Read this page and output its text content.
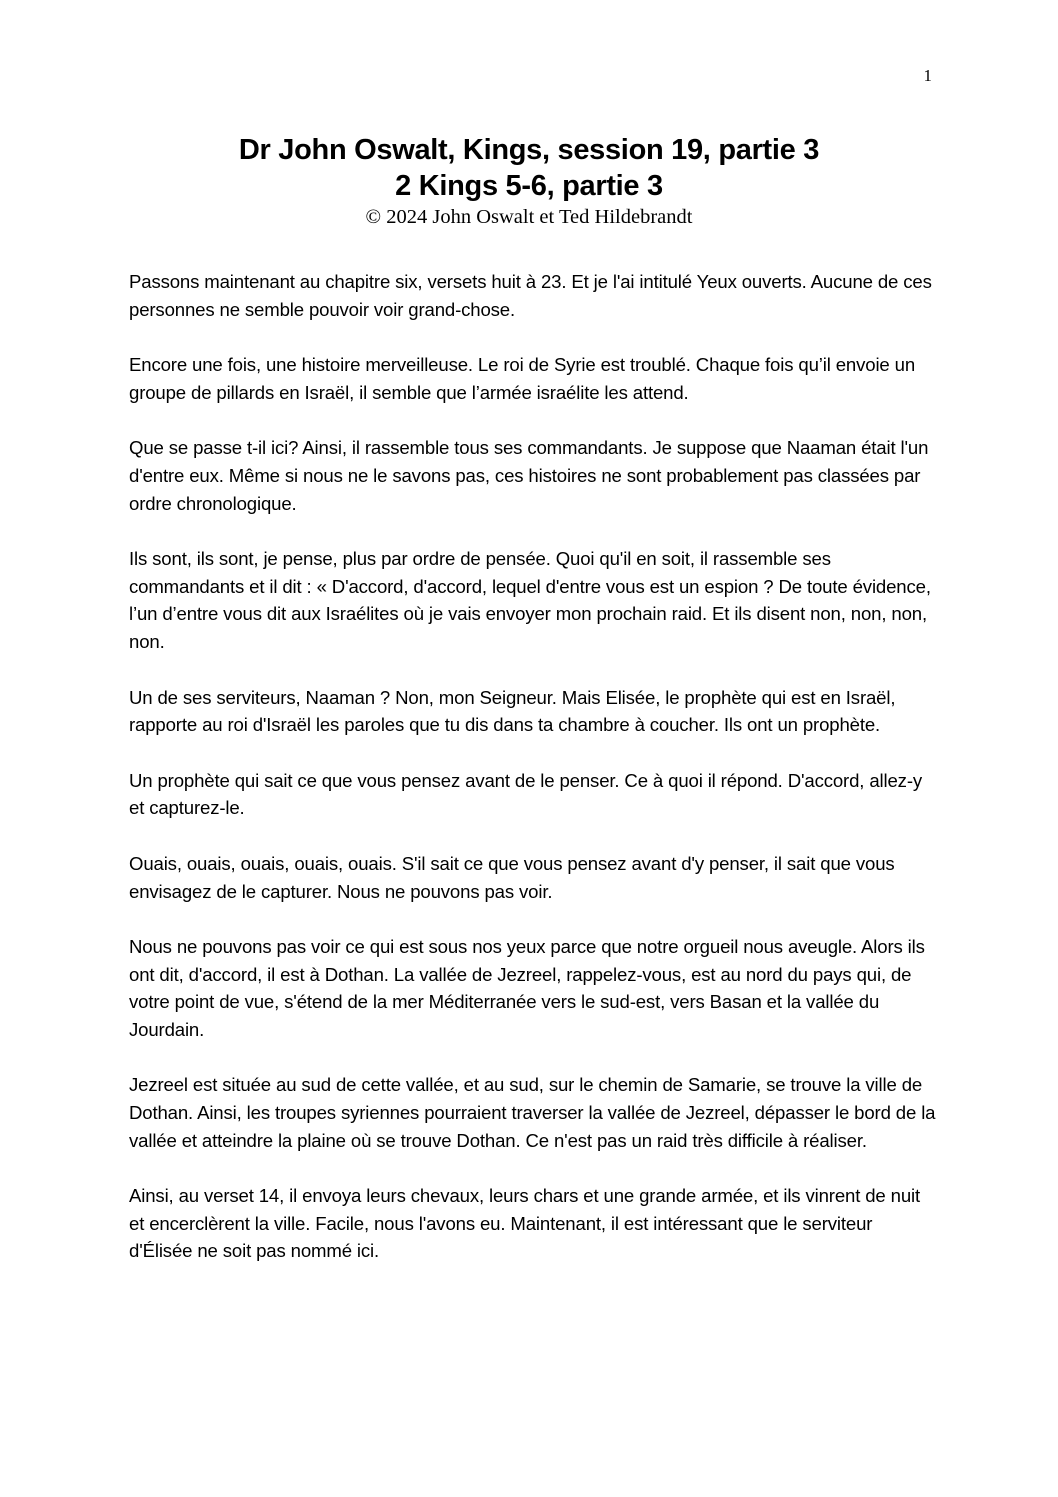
1

Dr John Oswalt, Kings, session 19, partie 3

2 Kings 5-6, partie 3

© 2024 John Oswalt et Ted Hildebrandt

Passons maintenant au chapitre six, versets huit à 23. Et je l'ai intitulé Yeux ouverts. Aucune de ces personnes ne semble pouvoir voir grand-chose.

Encore une fois, une histoire merveilleuse. Le roi de Syrie est troublé. Chaque fois qu’il envoie un groupe de pillards en Israël, il semble que l’armée israélite les attend.

Que se passe t-il ici? Ainsi, il rassemble tous ses commandants. Je suppose que Naaman était l'un d'entre eux. Même si nous ne le savons pas, ces histoires ne sont probablement pas classées par ordre chronologique.

Ils sont, ils sont, je pense, plus par ordre de pensée. Quoi qu'il en soit, il rassemble ses commandants et il dit : « D'accord, d'accord, lequel d'entre vous est un espion ? De toute évidence, l’un d’entre vous dit aux Israélites où je vais envoyer mon prochain raid. Et ils disent non, non, non, non.

Un de ses serviteurs, Naaman ? Non, mon Seigneur. Mais Elisée, le prophète qui est en Israël, rapporte au roi d'Israël les paroles que tu dis dans ta chambre à coucher. Ils ont un prophète.

Un prophète qui sait ce que vous pensez avant de le penser. Ce à quoi il répond. D'accord, allez-y et capturez-le.

Ouais, ouais, ouais, ouais, ouais. S'il sait ce que vous pensez avant d'y penser, il sait que vous envisagez de le capturer. Nous ne pouvons pas voir.

Nous ne pouvons pas voir ce qui est sous nos yeux parce que notre orgueil nous aveugle. Alors ils ont dit, d'accord, il est à Dothan. La vallée de Jezreel, rappelez-vous, est au nord du pays qui, de votre point de vue, s'étend de la mer Méditerranée vers le sud-est, vers Basan et la vallée du Jourdain.

Jezreel est située au sud de cette vallée, et au sud, sur le chemin de Samarie, se trouve la ville de Dothan. Ainsi, les troupes syriennes pourraient traverser la vallée de Jezreel, dépasser le bord de la vallée et atteindre la plaine où se trouve Dothan. Ce n'est pas un raid très difficile à réaliser.

Ainsi, au verset 14, il envoya leurs chevaux, leurs chars et une grande armée, et ils vinrent de nuit et encerclèrent la ville. Facile, nous l'avons eu. Maintenant, il est intéressant que le serviteur d'Élisée ne soit pas nommé ici.
